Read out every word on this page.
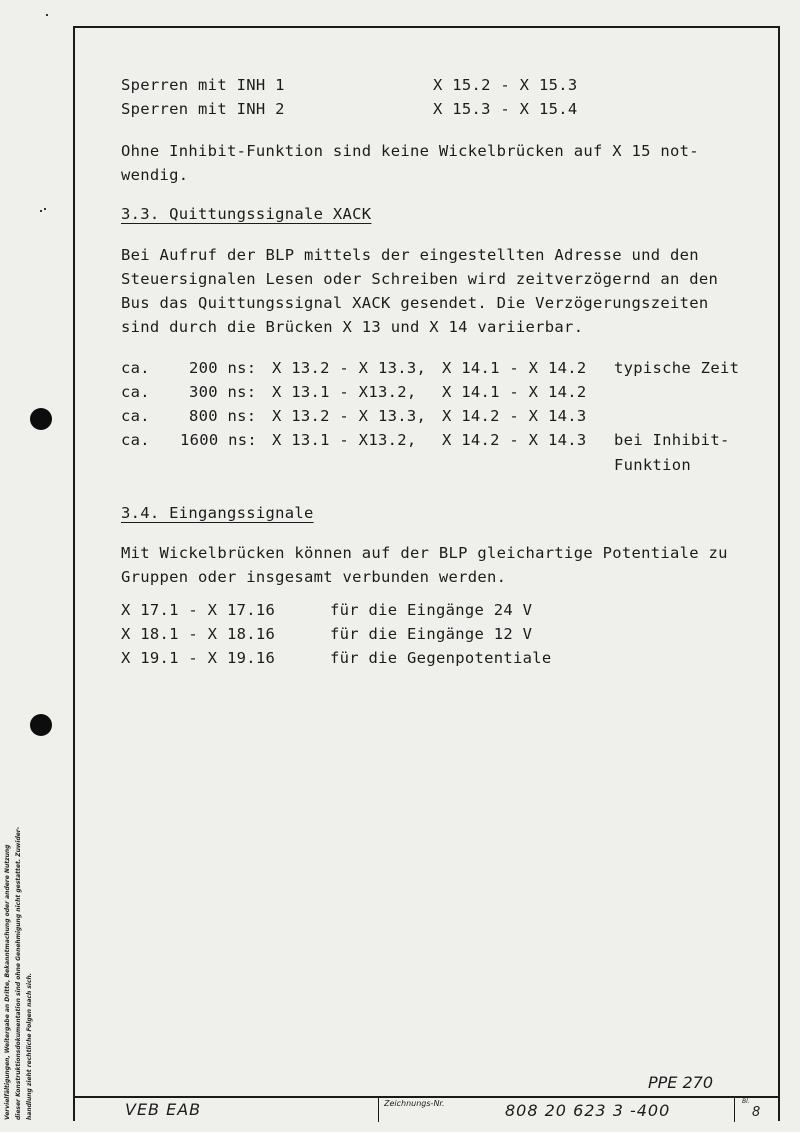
Sperren mit INH 1	X 15.2 - X 15.3
Sperren mit INH 2	X 15.3 - X 15.4
Ohne Inhibit-Funktion sind keine Wickelbrücken auf X 15 not-
wendig.
3.3. Quittungssignale XACK
Bei Aufruf der BLP mittels der eingestellten Adresse und den
Steuersignalen Lesen oder Schreiben wird zeitverzögernd an den
Bus das Quittungssignal XACK gesendet. Die Verzögerungszeiten
sind durch die Brücken X 13 und X 14 variierbar.
ca.	200 ns: X 13.2 - X 13.3, X 14.1 - X 14.2 typische Zeit
ca.	300 ns: X 13.1 - X13.2, X 14.1 - X 14.2
ca.	800 ns: X 13.2 - X 13.3, X 14.2 - X 14.3
ca. 1600 ns: X 13.1 - X13.2, X 14.2 - X 14.3 bei Inhibit-
Funktion
3.4. Eingangssignale
Mit Wickelbrücken können auf der BLP gleichartige Potentiale zu
Gruppen oder insgesamt verbunden werden.
X 17.1 - X 17.16	für die Eingänge 24 V
X 18.1 - X 18.16	für die Eingänge 12 V
X 19.1 - X 19.16	für die Gegenpotentiale
Vervielfältigungen, Weitergabe an Dritte, Bekanntmachung oder andere Nutzung dieser Konstruktionsdokumentation sind ohne Genehmigung nicht gestattet. Zuwider- handlung zieht rechtliche Folgen nach sich.	PPE 270
VEB EAB	Zeichnungs-Nr.	808 20 623 3 -400	Bl.
8
